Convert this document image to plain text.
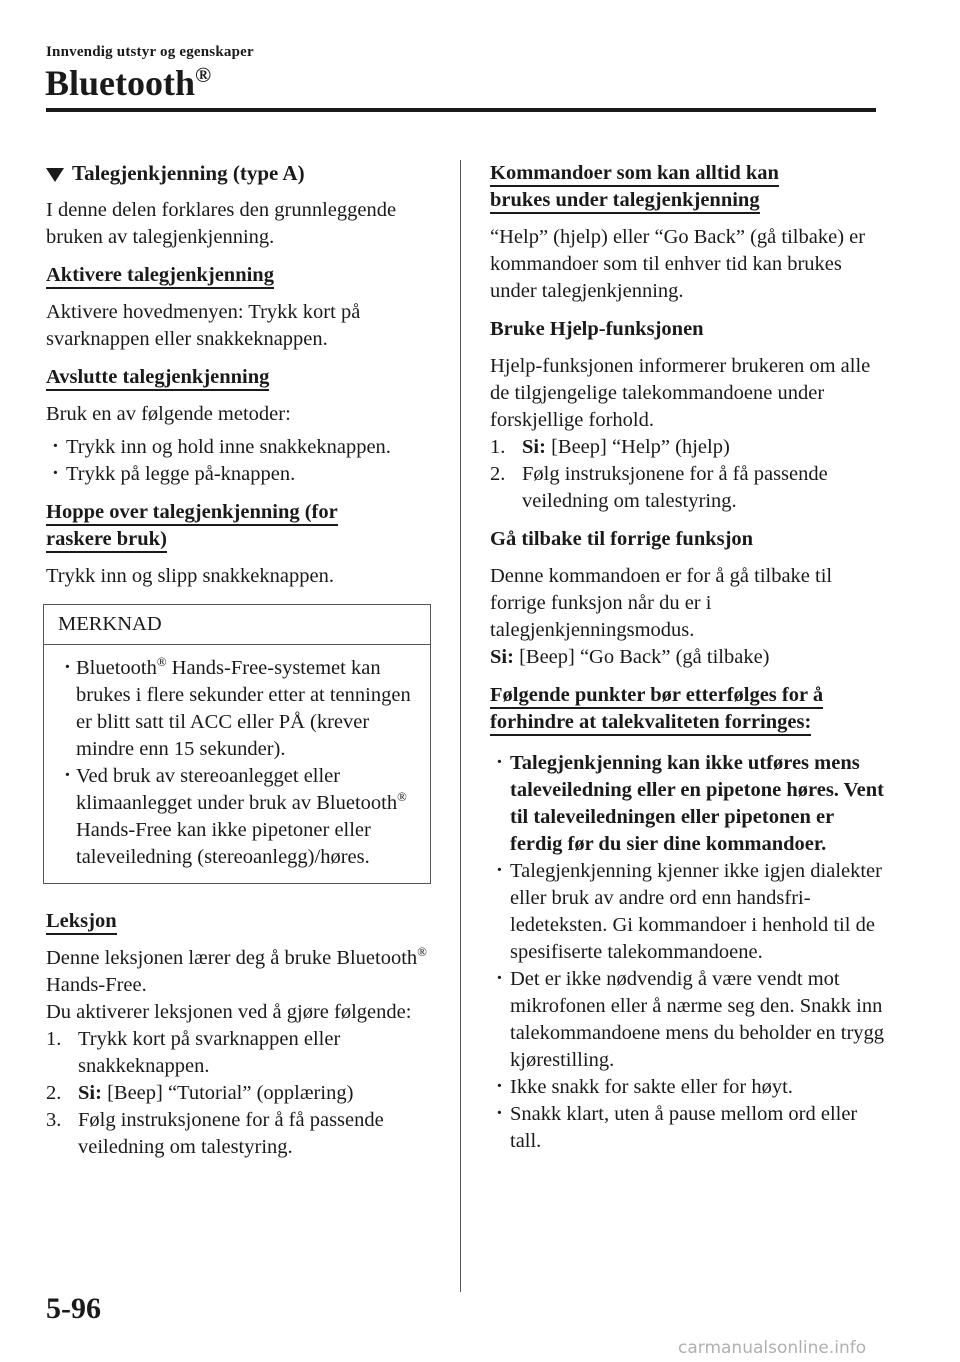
Innvendig utstyr og egenskaper
Bluetooth®
Talegjenkjenning (type A)

I denne delen forklares den grunnleggende bruken av talegjenkjenning.

Aktivere talegjenkjenning

Aktivere hovedmenyen: Trykk kort på svarknappen eller snakkeknappen.

Avslutte talegjenkjenning

Bruk en av følgende metoder:

· Trykk inn og hold inne snakkeknappen.
· Trykk på legge på-knappen.
Hoppe over talegjenkjenning (for
raskere bruk)

Trykk inn og slipp snakkeknappen.

MERKNAD
· Bluetooth® Hands-Free-systemet kan brukes i flere sekunder etter at tenningen er blitt satt til ACC eller PÅ (krever mindre enn 15 sekunder).
· Ved bruk av stereoanlegget eller klimaanlegget under bruk av Bluetooth® Hands-Free kan ikke pipetoner eller taleveiledning (stereoanlegg)/høres.
Leksjon

Denne leksjonen lærer deg å bruke Bluetooth® Hands-Free.

Du aktiverer leksjonen ved å gjøre følgende:

1. Trykk kort på svarknappen eller snakkeknappen.
2. Si: [Beep] “Tutorial” (opplæring)
3. Følg instruksjonene for å få passende veiledning om talestyring.
Kommandoer som kan alltid kan
brukes under talegjenkjenning

“Help” (hjelp) eller “Go Back” (gå tilbake) er kommandoer som til enhver tid kan brukes under talegjenkjenning.

Bruke Hjelp-funksjonen

Hjelp-funksjonen informerer brukeren om alle de tilgjengelige talekommandoene under forskjellige forhold.

1. Si: [Beep] “Help” (hjelp)
2. Følg instruksjonene for å få passende veiledning om talestyring.
Gå tilbake til forrige funksjon

Denne kommandoen er for å gå tilbake til forrige funksjon når du er i talegjenkjenningsmodus.

Si: [Beep] “Go Back” (gå tilbake)

Følgende punkter bør etterfølges for å
forhindre at talekvaliteten forringes:
· Talegjenkjenning kan ikke utføres mens taleveiledning eller en pipetone høres. Vent til taleveiledningen eller pipetonen er ferdig før du sier dine kommandoer.
· Talegjenkjenning kjenner ikke igjen dialekter eller bruk av andre ord enn handsfri-ledeteksten. Gi kommandoer i henhold til de spesifiserte talekommandoene.
· Det er ikke nødvendig å være vendt mot mikrofonen eller å nærme seg den. Snakk inn talekommandoene mens du beholder en trygg kjørestilling.
· Ikke snakk for sakte eller for høyt.
· Snakk klart, uten å pause mellom ord eller tall.
5-96
carmanualsonline.info
